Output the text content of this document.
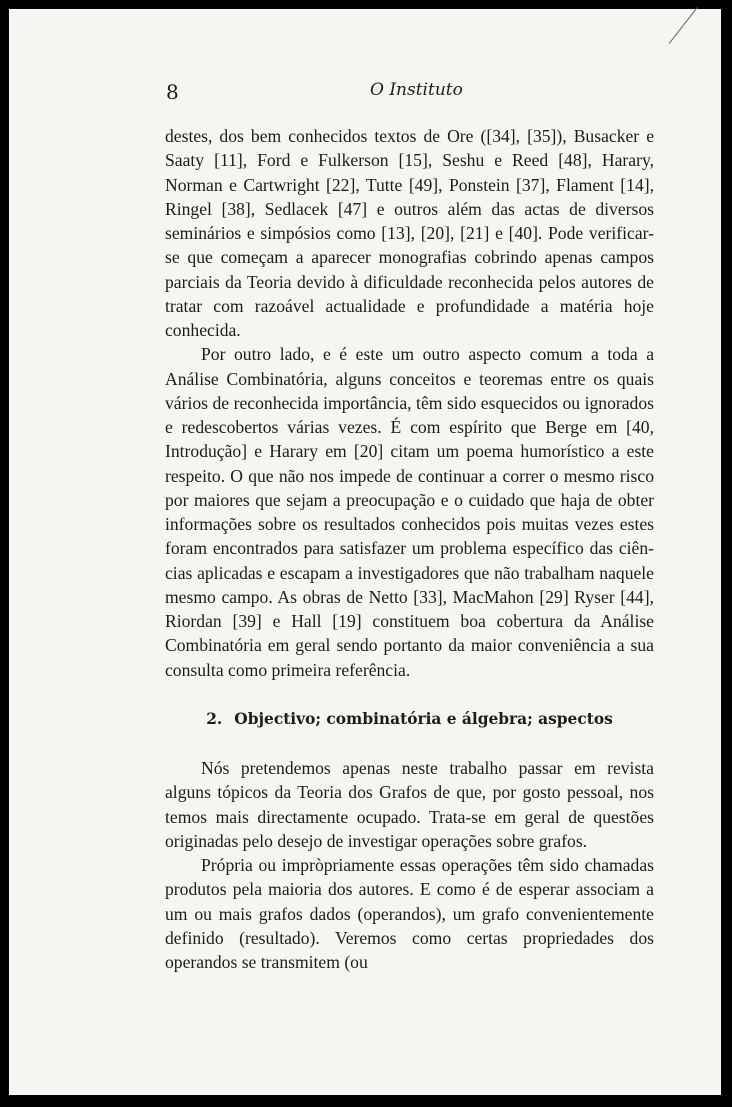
8	O Instituto

destes, dos bem conhecidos textos de Ore ([34], [35]), Busacker e Saaty [11], Ford e Fulkerson [15], Seshu e Reed [48], Harary, Norman e Cartwright [22], Tutte [49], Ponstein [37], Flament [14], Ringel [38], Sedlacek [47] e outros além das actas de diversos seminários e simpósios como [13], [20], [21] e [40]. Pode verificar-se que começam a aparecer monografias cobrindo apenas campos parciais da Teoria devido à dificuldade reconhecida pelos autores de tratar com razoável actualidade e profundidade a matéria hoje conhecida.

Por outro lado, e é este um outro aspecto comum a toda a Análise Combinatória, alguns conceitos e teoremas entre os quais vários de reconhecida importância, têm sido esquecidos ou ignorados e redescobertos várias vezes. É com espírito que Berge em [40, Introdução] e Harary em [20] citam um poema humorístico a este respeito. O que não nos impede de continuar a correr o mesmo risco por maiores que sejam a preocupação e o cuidado que haja de obter informações sobre os resultados conhecidos pois muitas vezes estes foram encontrados para satisfazer um problema específico das ciências aplicadas e escapam a investigadores que não trabalham naquele mesmo campo. As obras de Netto [33], MacMahon [29] Ryser [44], Riordan [39] e Hall [19] constituem boa cobertura da Análise Combinatória em geral sendo portanto da maior conveniência a sua consulta como primeira referência.

2. Objectivo; combinatória e álgebra; aspectos

Nós pretendemos apenas neste trabalho passar em revista alguns tópicos da Teoria dos Grafos de que, por gosto pessoal, nos temos mais directamente ocupado. Trata-se em geral de questões originadas pelo desejo de investigar operações sobre grafos.

Própria ou impròpriamente essas operações têm sido chamadas produtos pela maioria dos autores. E como é de esperar associam a um ou mais grafos dados (operandos), um grafo convenientemente definido (resultado). Veremos como certas propriedades dos operandos se transmitem (ou
